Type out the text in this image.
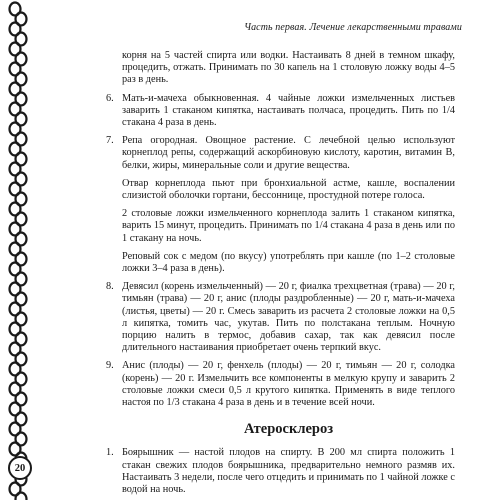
Часть первая. Лечение лекарственными травами

корня на 5 частей спирта или водки. Настаивать 8 дней в темном шкафу, процедить, отжать. Принимать по 30 капель на 1 столовую ложку воды 4–5 раз в день.

6. Мать-и-мачеха обыкновенная. 4 чайные ложки измельченных листьев заварить 1 стаканом кипятка, настаивать полчаса, процедить. Пить по 1/4 стакана 4 раза в день.
7. Репа огородная. Овощное растение. С лечебной целью используют корнеплод репы, содержащий аскорбиновую кислоту, каротин, витамин B, белки, жиры, минеральные соли и другие вещества.

Отвар корнеплода пьют при бронхиальной астме, кашле, воспалении слизистой оболочки гортани, бессоннице, простудной потере голоса.

2 столовые ложки измельченного корнеплода залить 1 стаканом кипятка, варить 15 минут, процедить. Принимать по 1/4 стакана 4 раза в день или по 1 стакану на ночь.

Реповый сок с медом (по вкусу) употреблять при кашле (по 1–2 столовые ложки 3–4 раза в день).

8. Девясил (корень измельченный) — 20 г, фиалка трехцветная (трава) — 20 г, тимьян (трава) — 20 г, анис (плоды раздробленные) — 20 г, мать-и-мачеха (листья, цветы) — 20 г. Смесь заварить из расчета 2 столовые ложки на 0,5 л кипятка, томить час, укутав. Пить по полстакана теплым. Ночную порцию налить в термос, добавив сахар, так как девясил после длительного настаивания приобретает очень терпкий вкус.
9. Анис (плоды) — 20 г, фенхель (плоды) — 20 г, тимьян — 20 г, солодка (корень) — 20 г. Измельчить все компоненты в мелкую крупу и заварить 2 столовые ложки смеси 0,5 л крутого кипятка. Применять в виде теплого настоя по 1/3 стакана 4 раза в день и в течение всей ночи.
Атеросклероз
1. Боярышник — настой плодов на спирту. В 200 мл спирта положить 1 стакан свежих плодов боярышника, предварительно немного размяв их. Настаивать 3 недели, после чего отцедить и принимать по 1 чайной ложке с водой на ночь.
20
